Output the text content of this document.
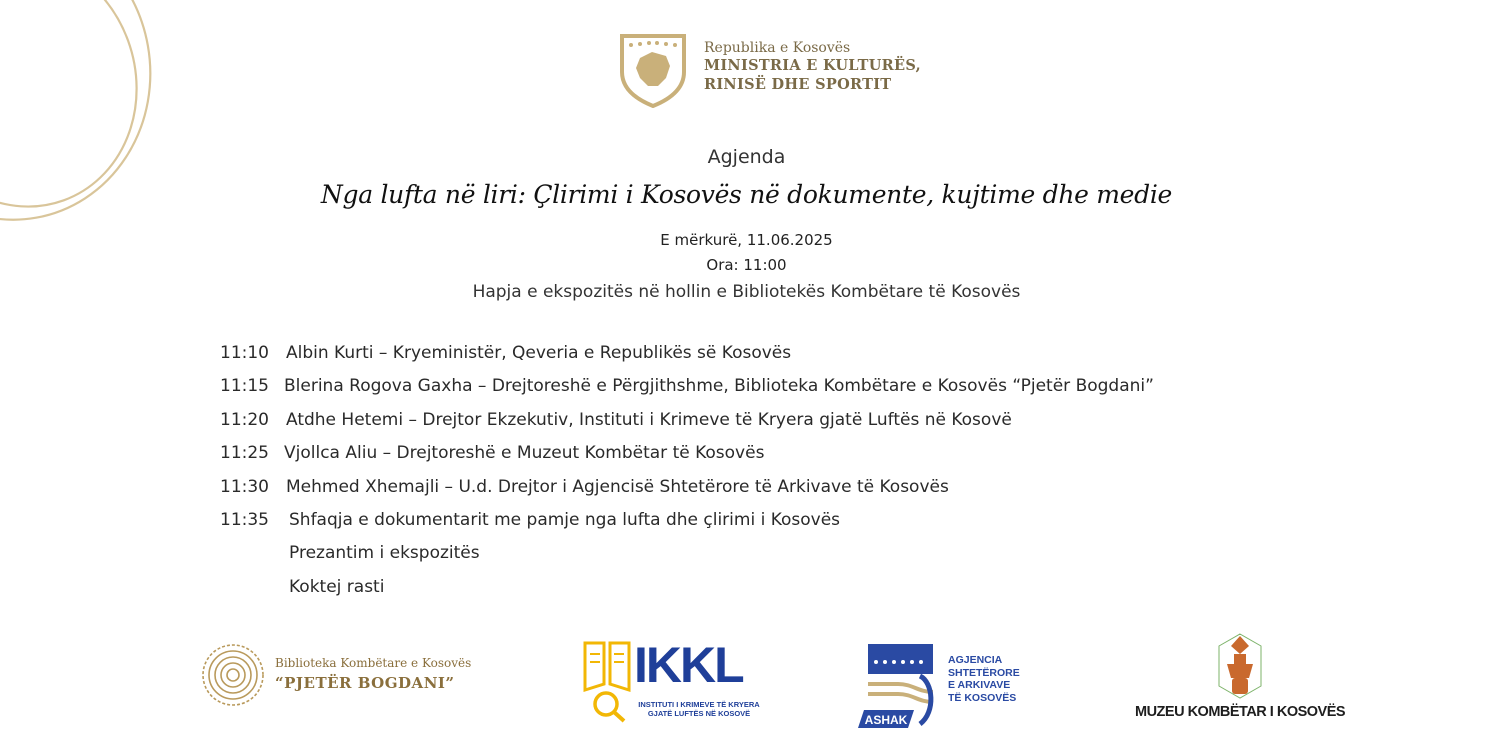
Republika e Kosovës
MINISTRIA E KULTURËS,
RINISË DHE SPORTIT
Agjenda
Nga lufta në liri: Çlirimi i Kosovës në dokumente, kujtime dhe medie
E mërkurë, 11.06.2025
Ora: 11:00
Hapja e ekspozitës në hollin e Bibliotekës Kombëtare të Kosovës
11:10	Albin Kurti – Kryeministër, Qeveria e Republikës së Kosovës
11:15 Blerina Rogova Gaxha – Drejtoreshë e Përgjithshme, Biblioteka Kombëtare e Kosovës “Pjetër Bogdani”
11:20	Atdhe Hetemi – Drejtor Ekzekutiv, Instituti i Krimeve të Kryera gjatë Luftës në Kosovë
11:25 Vjollca Aliu – Drejtoreshë e Muzeut Kombëtar të Kosovës
11:30	Mehmed Xhemajli – U.d. Drejtor i Agjencisë Shtetërore të Arkivave të Kosovës
11:35	Shfaqja e dokumentarit me pamje nga lufta dhe çlirimi i Kosovës
Prezantim i ekspozitës
Koktej rasti
Biblioteka Kombëtare e Kosovës
“PJETËR BOGDANI”	IKKL
INSTITUTI I KRIMEVE TË KRYERA
GJATË LUFTËS NË KOSOVË	ASHAK
AGJENCIA
SHTETËRORE
E ARKIVAVE
TË KOSOVËS
MUZEU KOMBËTAR I KOSOVËS
